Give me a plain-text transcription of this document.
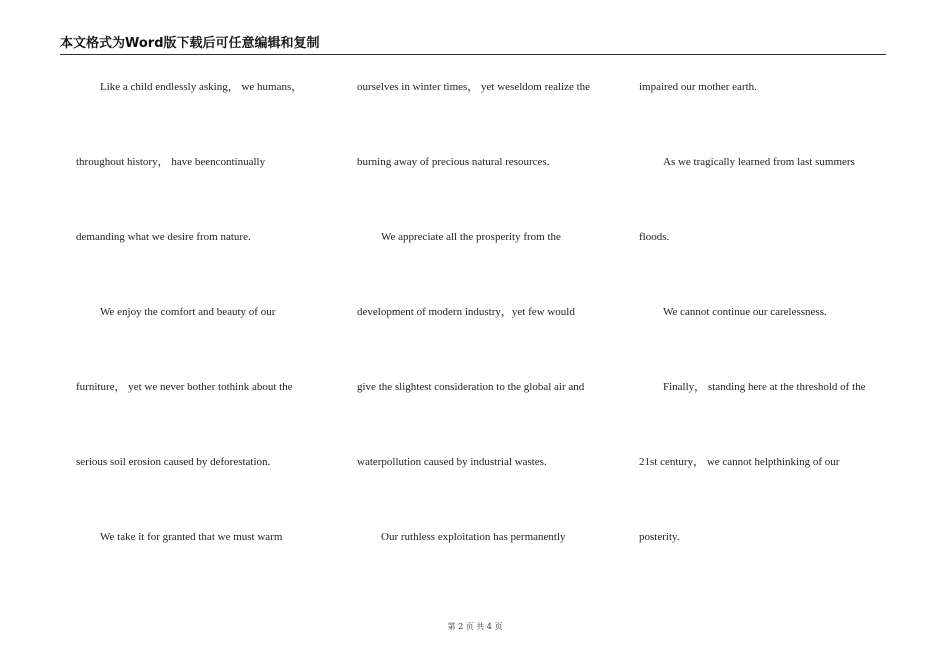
本文格式为Word版下载后可任意编辑和复制
Like a child endlessly asking， we humans，
throughout history， have beencontinually
demanding what we desire from nature.
We enjoy the comfort and beauty of our
furniture， yet we never bother tothink about the
serious soil erosion caused by deforestation.
We take it for granted that we must warm
ourselves in winter times， yet weseldom realize the
burning away of precious natural resources.
We appreciate all the prosperity from the
development of modern industry，yet few would
give the slightest consideration to the global air and
waterpollution caused by industrial wastes.
Our ruthless exploitation has permanently
impaired our mother earth.
As we tragically learned from last summers
floods.
We cannot continue our carelessness.
Finally， standing here at the threshold of the
21st century， we cannot helpthinking of our
posterity.
第 2 页 共 4 页
